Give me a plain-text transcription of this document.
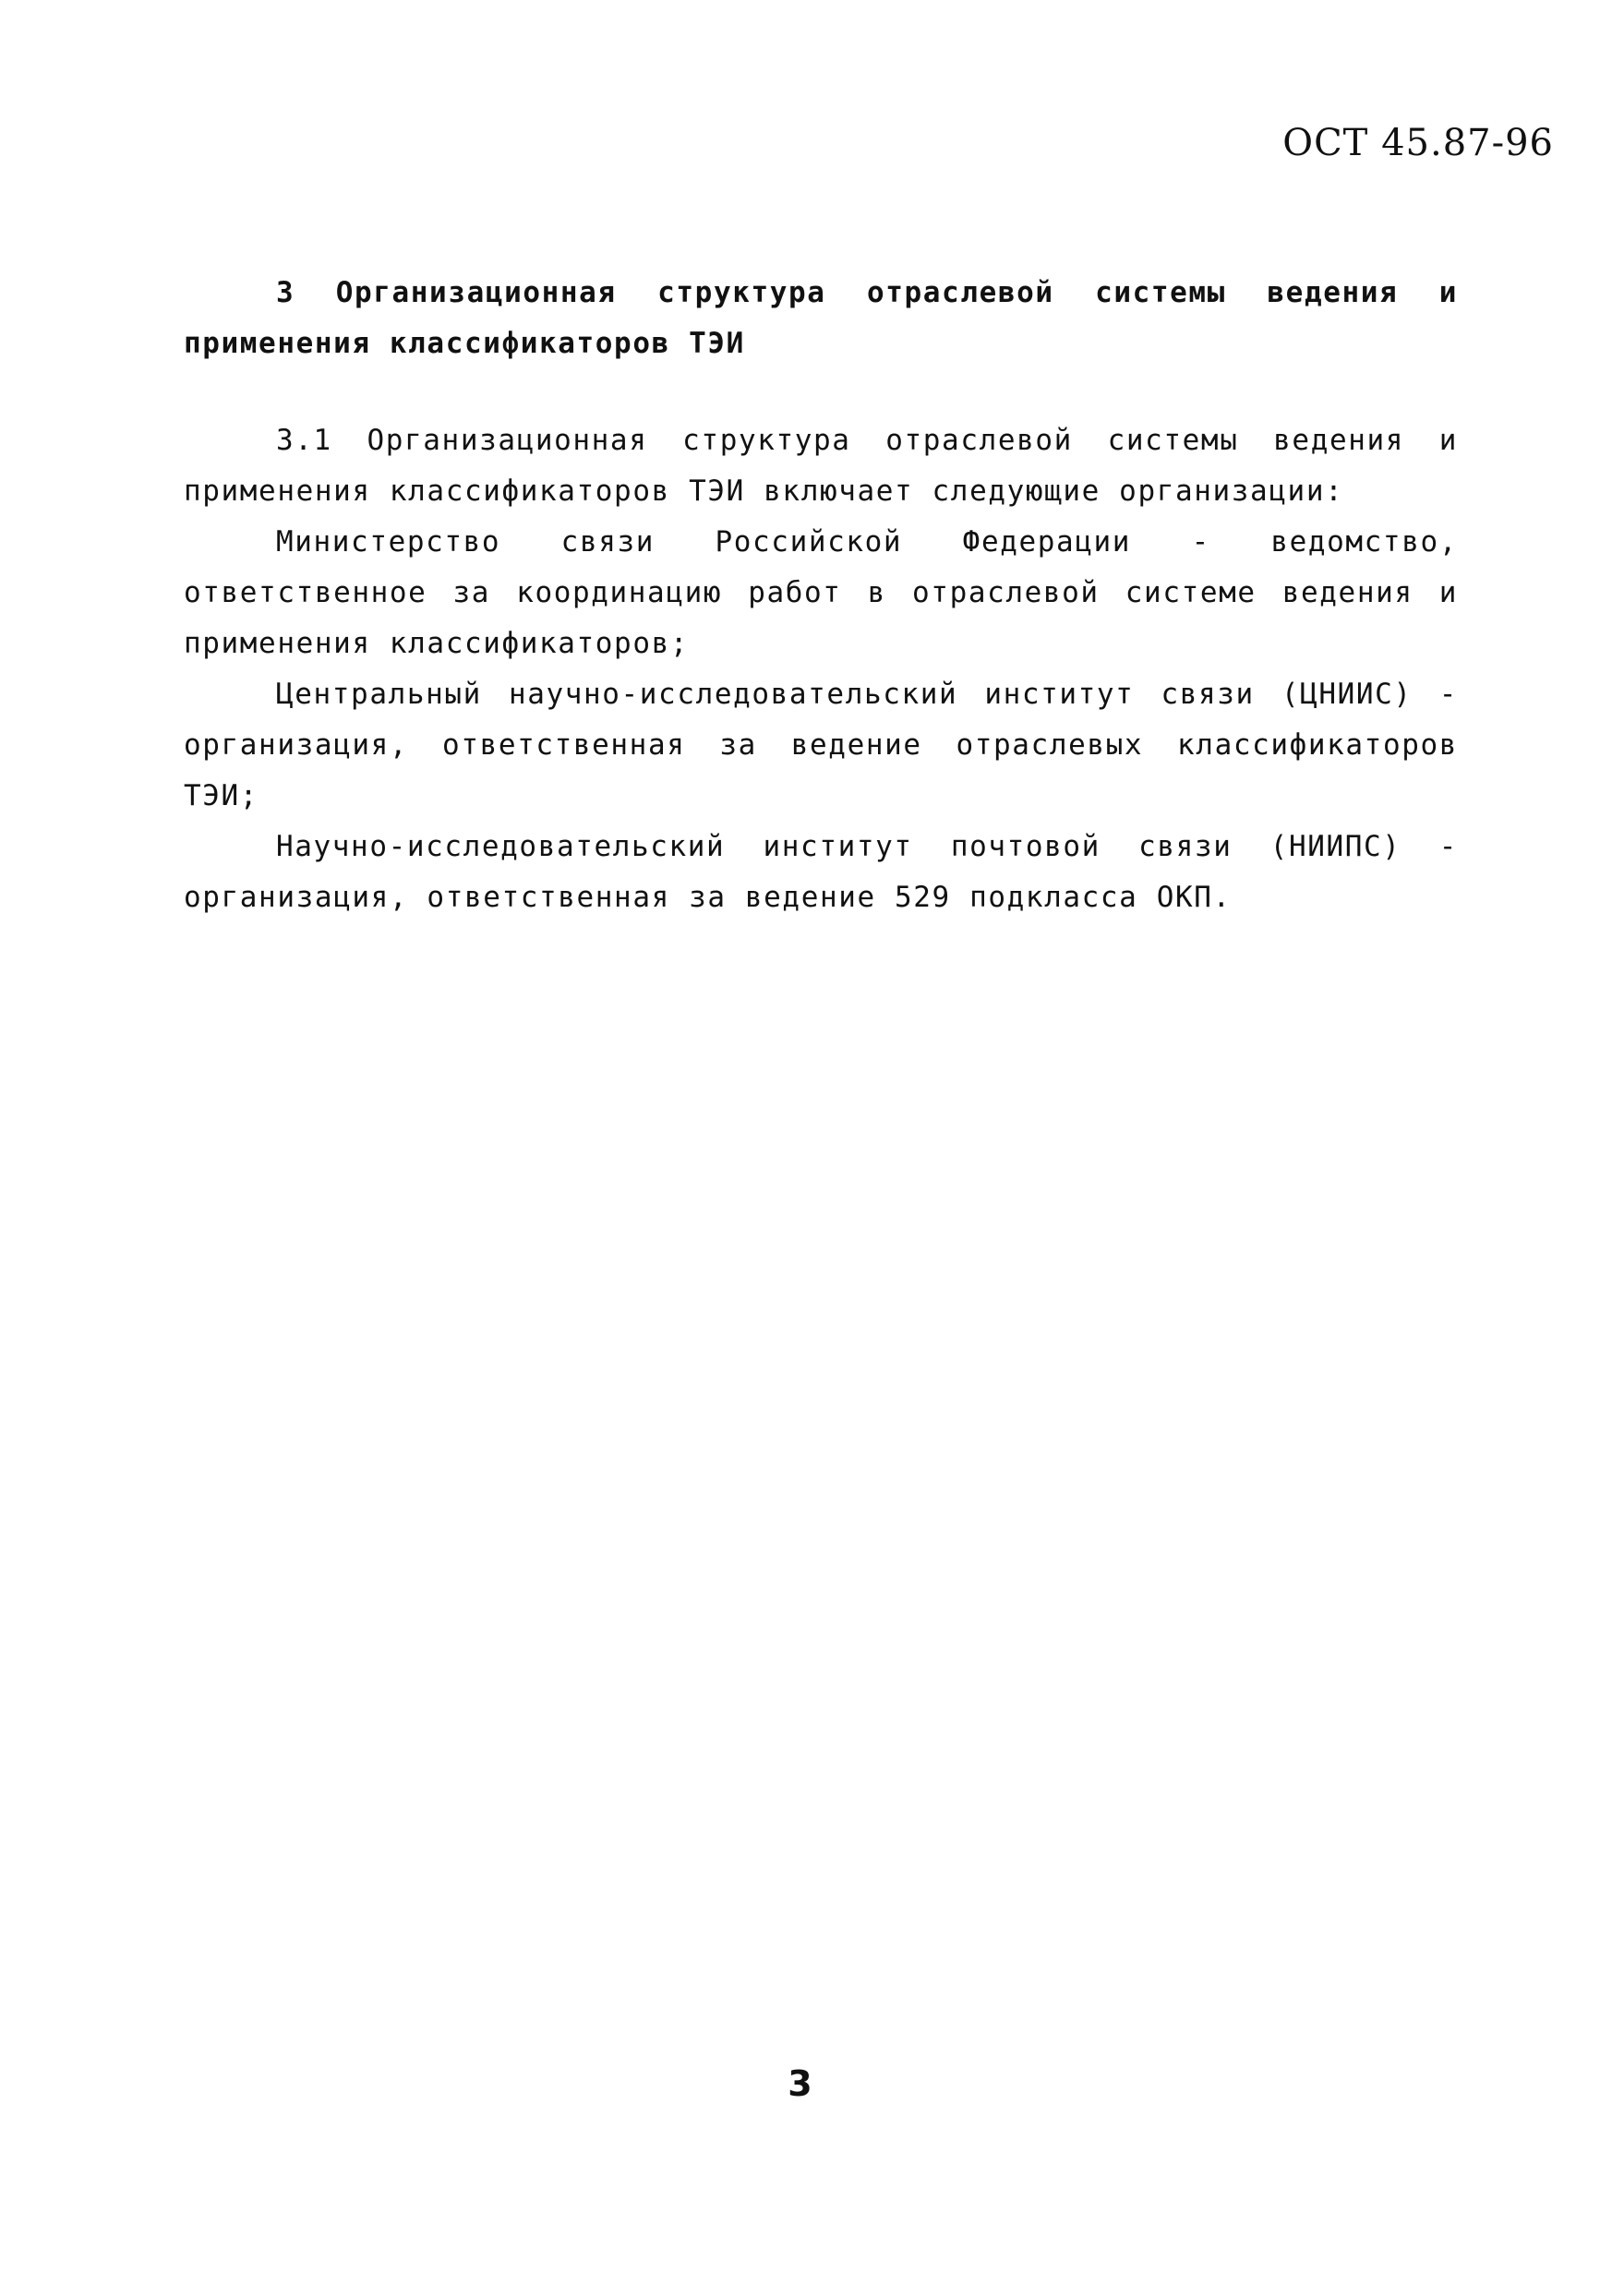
ОСТ 45.87-96

3 Организационная структура отраслевой системы ведения и применения классификаторов ТЭИ

3.1 Организационная структура отраслевой системы ведения и применения классификаторов ТЭИ включает следующие организации:

Министерство связи Российской Федерации - ведомство, ответственное за координацию работ в отраслевой системе ведения и применения классификаторов;

Центральный научно-исследовательский институт связи (ЦНИИС) - организация, ответственная за ведение отраслевых классификаторов ТЭИ;

Научно-исследовательский институт почтовой связи (НИИПС) - организация, ответственная за ведение 529 подкласса ОКП.

3
